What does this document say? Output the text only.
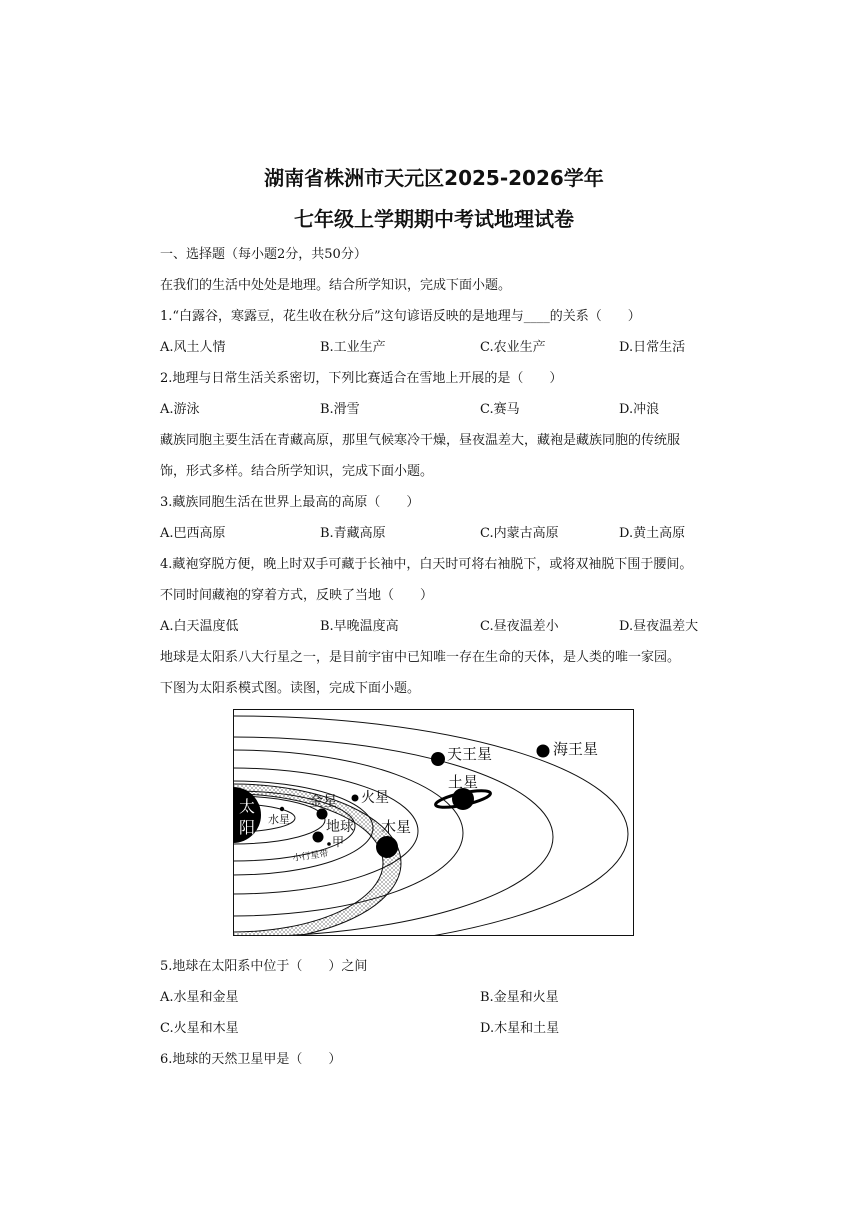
湖南省株洲市天元区2025-2026学年
七年级上学期期中考试地理试卷
一、选择题（每小题2分，共50分）
在我们的生活中处处是地理。结合所学知识，完成下面小题。
1.“白露谷，寒露豆，花生收在秋分后”这句谚语反映的是地理与____的关系（　　）
A.风土人情	B.工业生产	C.农业生产	D.日常生活
2.地理与日常生活关系密切，下列比赛适合在雪地上开展的是（　　）
A.游泳	B.滑雪	C.赛马	D.冲浪
藏族同胞主要生活在青藏高原，那里气候寒冷干燥，昼夜温差大，藏袍是藏族同胞的传统服
饰，形式多样。结合所学知识，完成下面小题。
3.藏族同胞生活在世界上最高的高原（　　）
A.巴西高原	B.青藏高原	C.内蒙古高原	D.黄土高原
4.藏袍穿脱方便，晚上时双手可藏于长袖中，白天时可将右袖脱下，或将双袖脱下围于腰间。
不同时间藏袍的穿着方式，反映了当地（　　）
A.白天温度低	B.早晚温度高	C.昼夜温差小	D.昼夜温差大
地球是太阳系八大行星之一，是目前宇宙中已知唯一存在生命的天体，是人类的唯一家园。
下图为太阳系模式图。读图，完成下面小题。
太
阳 水星
金星 火星
地球
甲
小行星带
木星
土星
天王星	海王星
5.地球在太阳系中位于（　　）之间
A.水星和金星	B.金星和火星
C.火星和木星	D.木星和土星
6.地球的天然卫星甲是（　　）
